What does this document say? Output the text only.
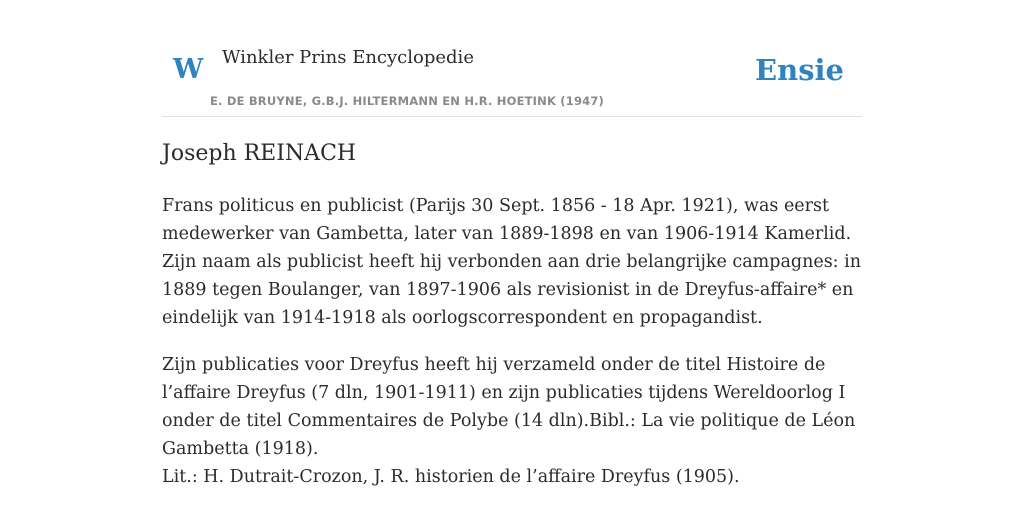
W Winkler Prins Encyclopedie
E. DE BRUYNE, G.B.J. HILTERMANN EN H.R. HOETINK (1947)
Ensie
Joseph REINACH

Frans politicus en publicist (Parijs 30 Sept. 1856 - 18 Apr. 1921), was eerst medewerker van Gambetta, later van 1889-1898 en van 1906-1914 Kamerlid. Zijn naam als publicist heeft hij verbonden aan drie belangrijke campagnes: in 1889 tegen Boulanger, van 1897-1906 als revisionist in de Dreyfus-affaire* en eindelijk van 1914-1918 als oorlogscorrespondent en propagandist.

Zijn publicaties voor Dreyfus heeft hij verzameld onder de titel Histoire de l’affaire Dreyfus (7 dln, 1901-1911) en zijn publicaties tijdens Wereldoorlog I onder de titel Commentaires de Polybe (14 dln).Bibl.: La vie politique de Léon Gambetta (1918).

Lit.: H. Dutrait-Crozon, J. R. historien de l’affaire Dreyfus (1905).
